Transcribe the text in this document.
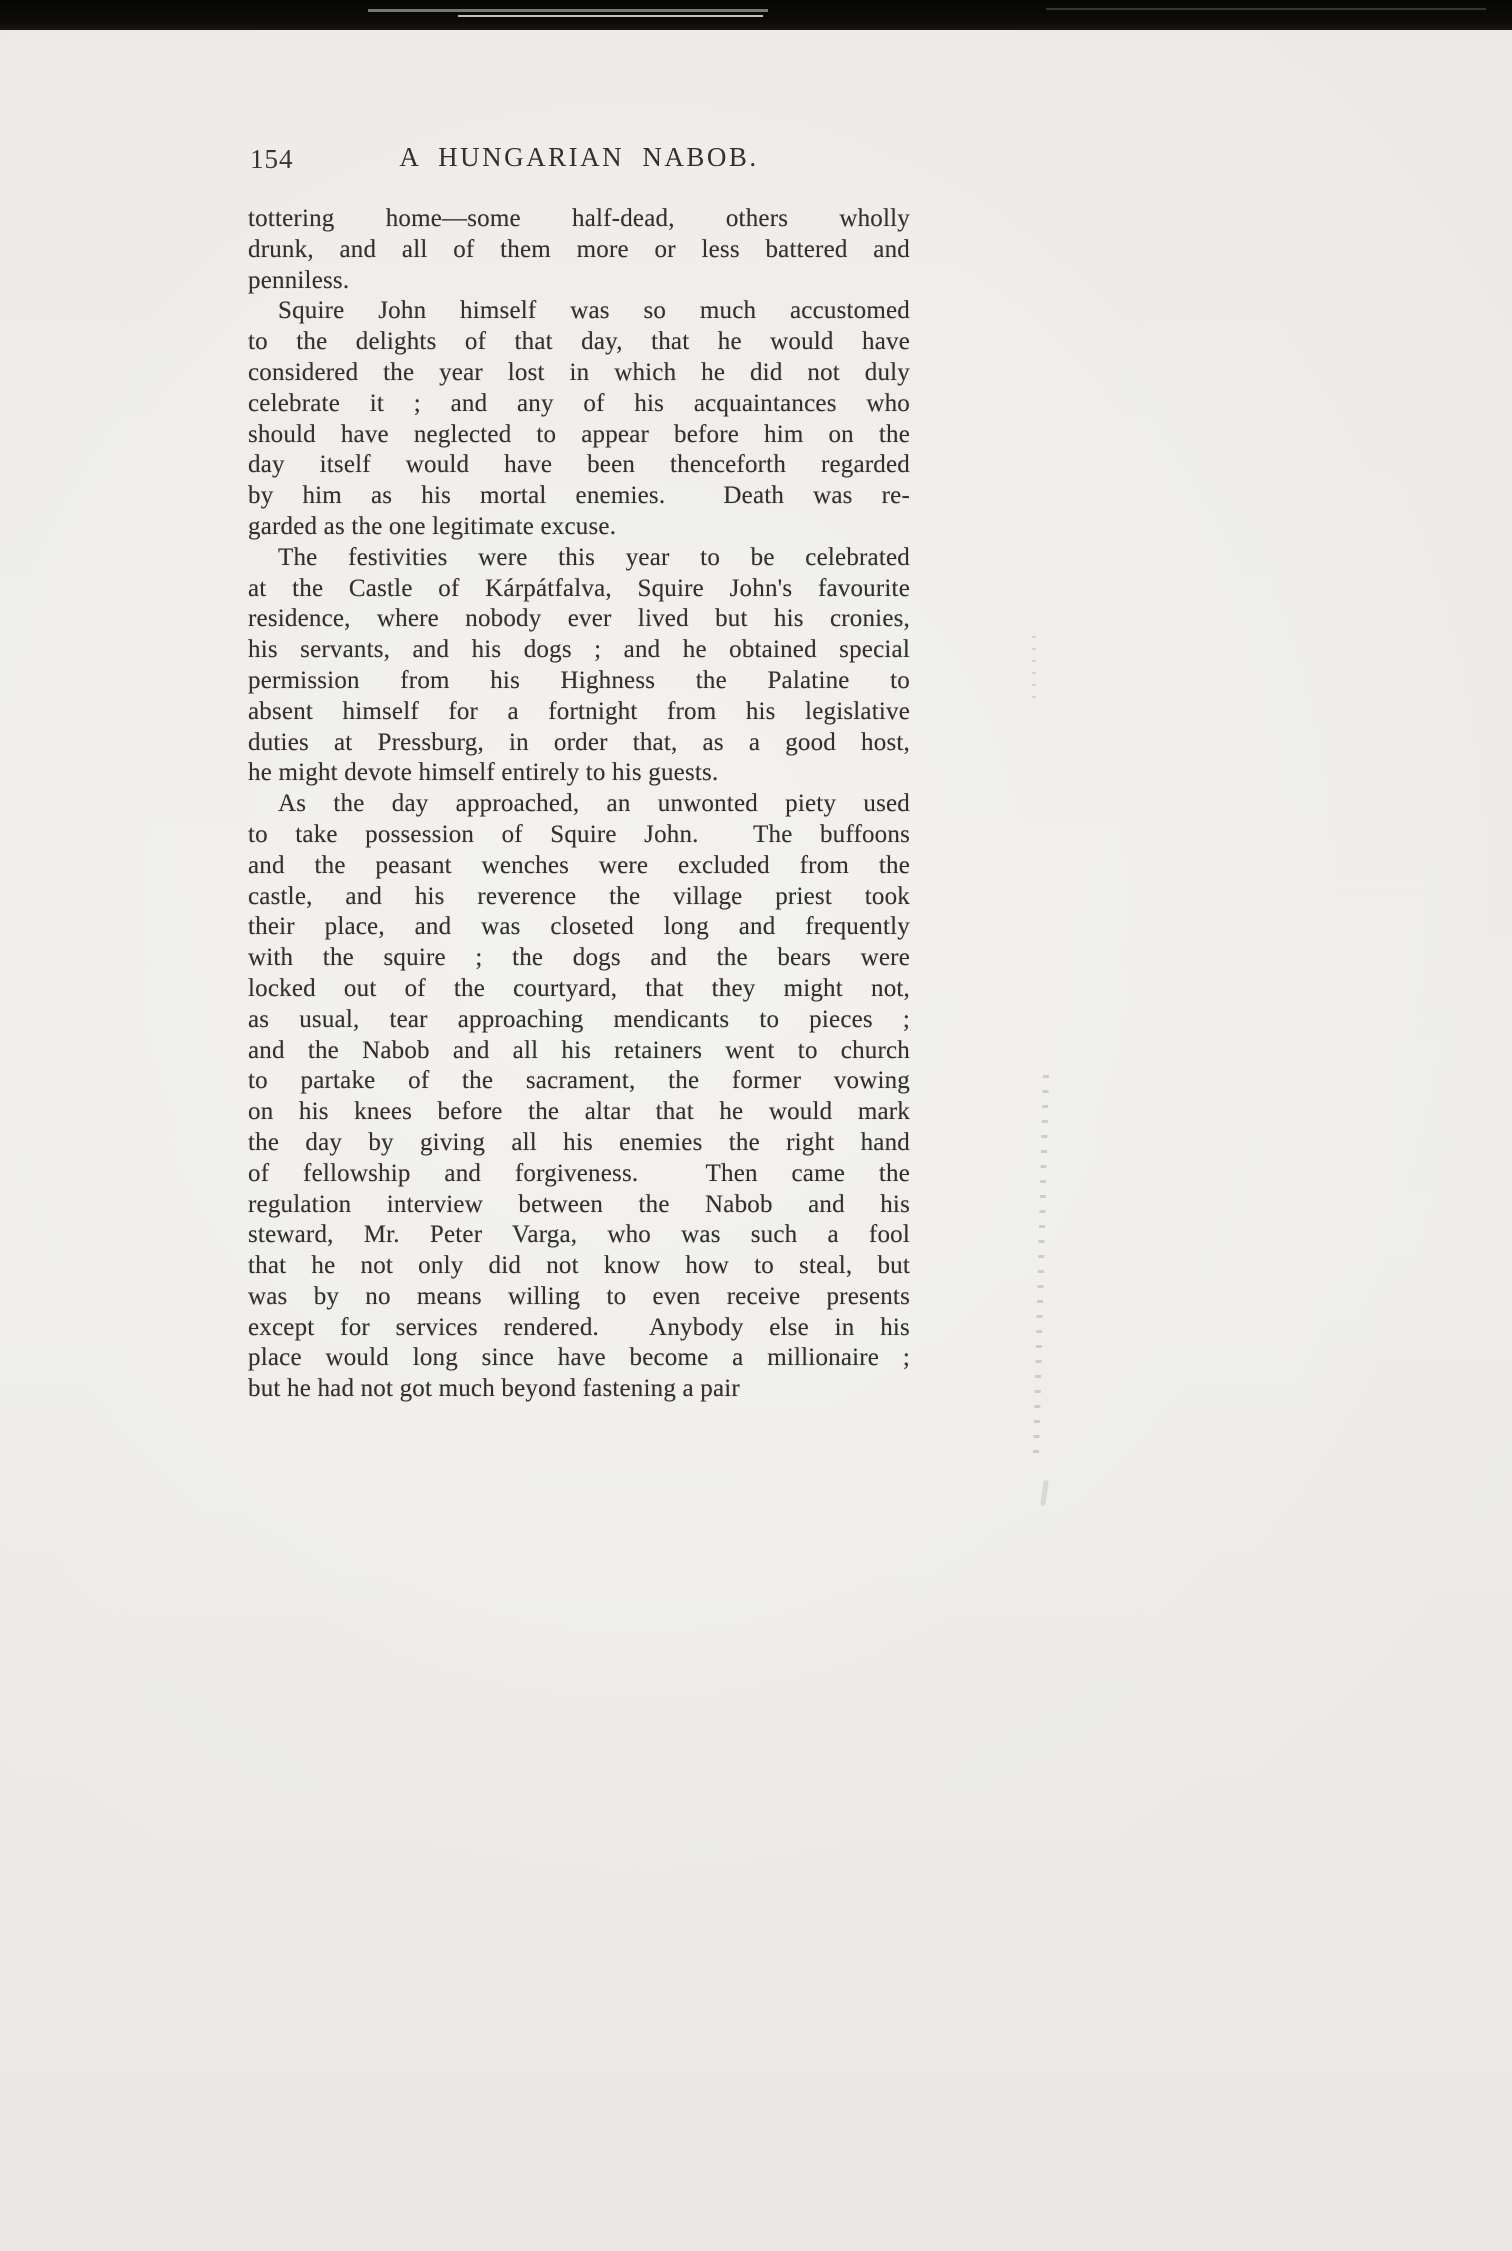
154	A HUNGARIAN NABOB.
tottering home—some half-dead, others wholly
drunk, and all of them more or less battered and
penniless.
Squire John himself was so much accustomed
to the delights of that day, that he would have
considered the year lost in which he did not duly
celebrate it ; and any of his acquaintances who
should have neglected to appear before him on the
day itself would have been thenceforth regarded
by him as his mortal enemies.  Death was re-
garded as the one legitimate excuse.
The festivities were this year to be celebrated
at the Castle of Kárpátfalva, Squire John's favourite
residence, where nobody ever lived but his cronies,
his servants, and his dogs ; and he obtained special
permission from his Highness the Palatine to
absent himself for a fortnight from his legislative
duties at Pressburg, in order that, as a good host,
he might devote himself entirely to his guests.
As the day approached, an unwonted piety used
to take possession of Squire John.  The buffoons
and the peasant wenches were excluded from the
castle, and his reverence the village priest took
their place, and was closeted long and frequently
with the squire ; the dogs and the bears were
locked out of the courtyard, that they might not,
as usual, tear approaching mendicants to pieces ;
and the Nabob and all his retainers went to church
to partake of the sacrament, the former vowing
on his knees before the altar that he would mark
the day by giving all his enemies the right hand
of fellowship and forgiveness.  Then came the
regulation interview between the Nabob and his
steward, Mr. Peter Varga, who was such a fool
that he not only did not know how to steal, but
was by no means willing to even receive presents
except for services rendered.  Anybody else in his
place would long since have become a millionaire ;
but he had not got much beyond fastening a pair
